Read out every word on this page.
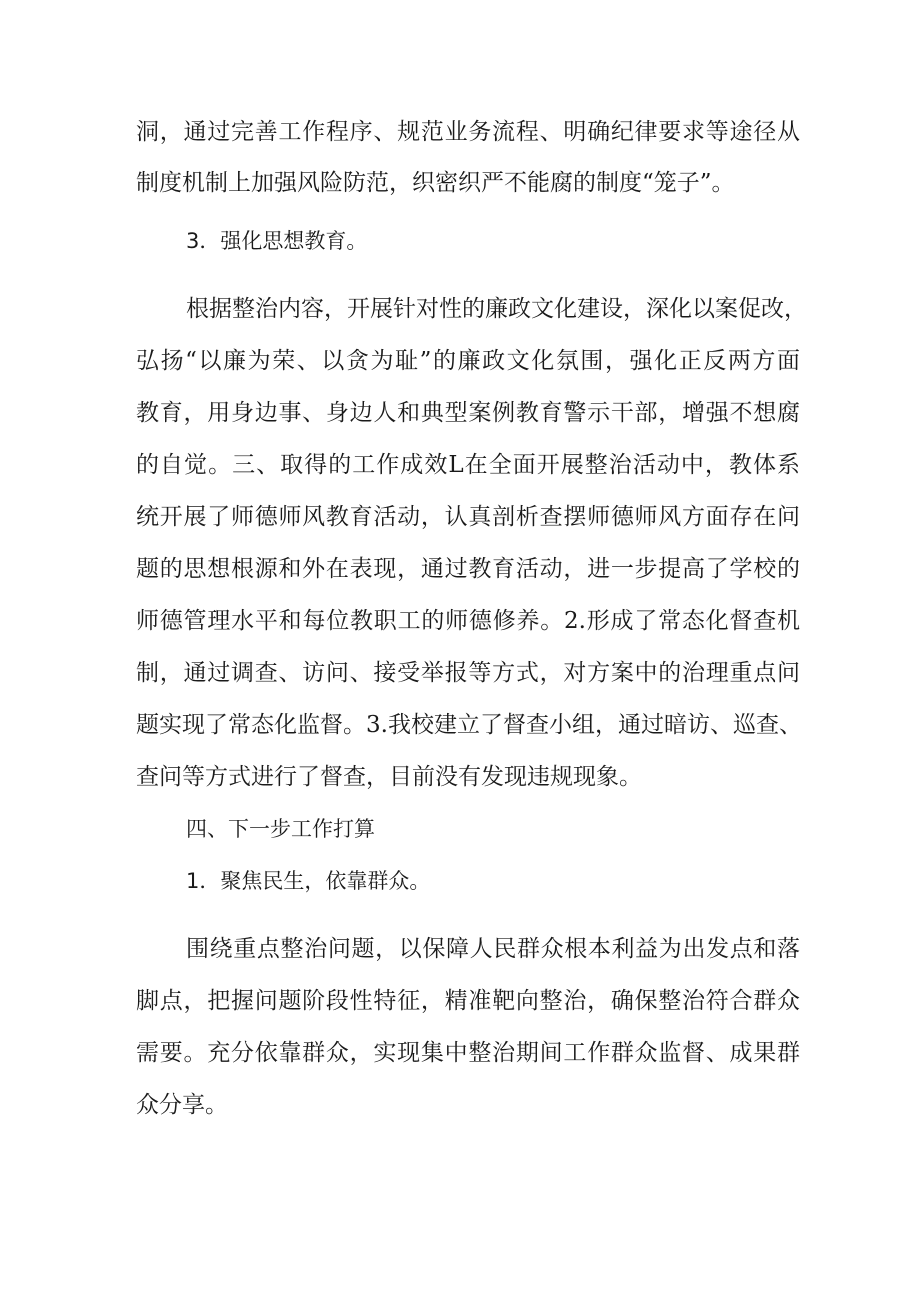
洞，通过完善工作程序、规范业务流程、明确纪律要求等途径从
制度机制上加强风险防范，织密织严不能腐的制度“笼子”。
3．强化思想教育。
根据整治内容，开展针对性的廉政文化建设，深化以案促改，
弘扬“以廉为荣、以贪为耻”的廉政文化氛围，强化正反两方面
教育，用身边事、身边人和典型案例教育警示干部，增强不想腐
的自觉。三、取得的工作成效L在全面开展整治活动中，教体系
统开展了师德师风教育活动，认真剖析查摆师德师风方面存在问
题的思想根源和外在表现，通过教育活动，进一步提高了学校的
师德管理水平和每位教职工的师德修养。2.形成了常态化督查机
制，通过调查、访问、接受举报等方式，对方案中的治理重点问
题实现了常态化监督。3.我校建立了督查小组，通过暗访、巡查、
查问等方式进行了督查，目前没有发现违规现象。
四、下一步工作打算
1．聚焦民生，依靠群众。
围绕重点整治问题，以保障人民群众根本利益为出发点和落
脚点，把握问题阶段性特征，精准靶向整治，确保整治符合群众
需要。充分依靠群众，实现集中整治期间工作群众监督、成果群
众分享。
